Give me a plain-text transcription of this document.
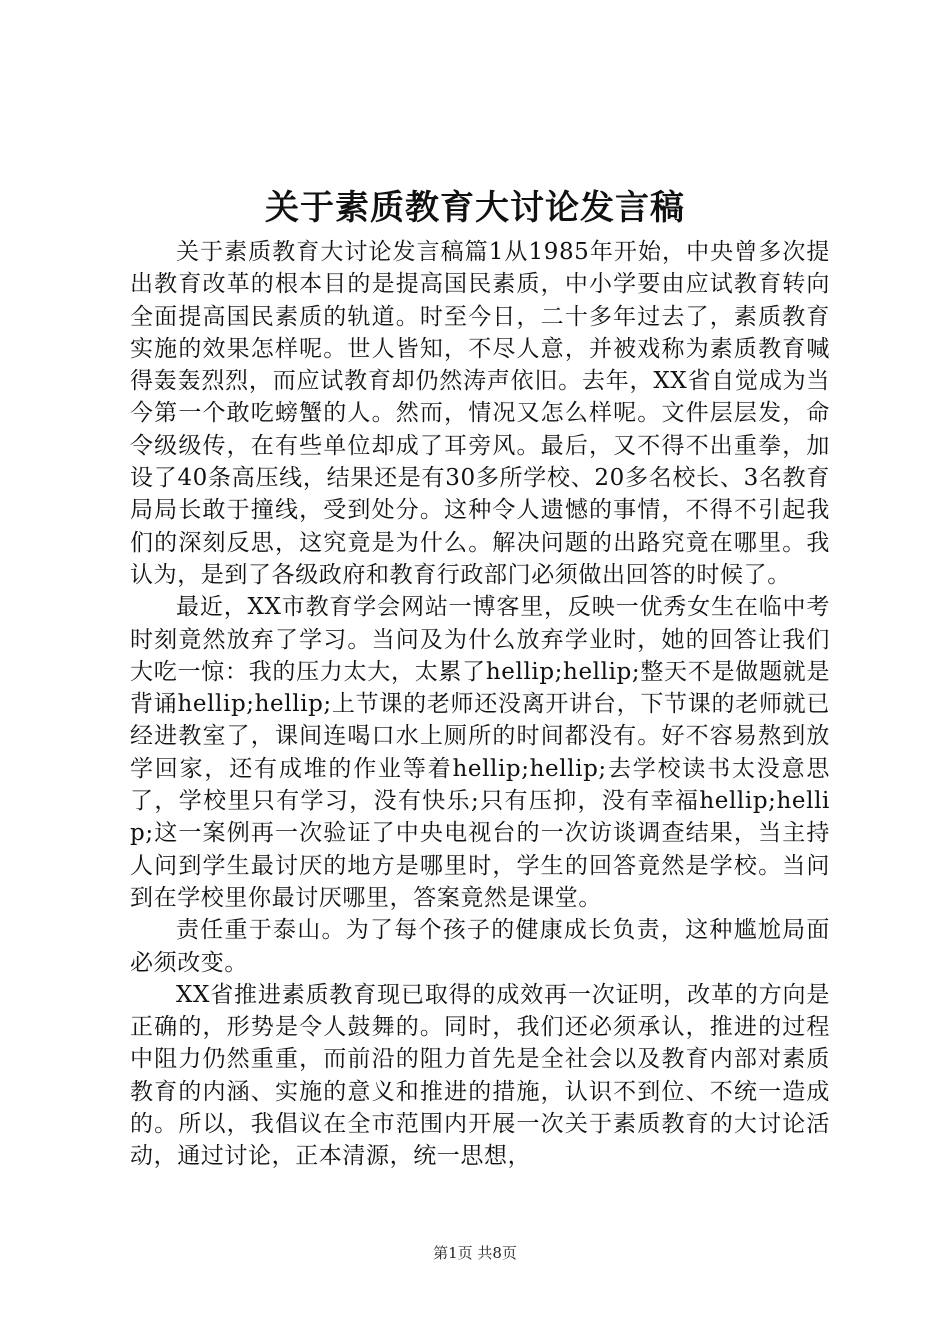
关于素质教育大讨论发言稿

关于素质教育大讨论发言稿篇1从1985年开始，中央曾多次提出教育改革的根本目的是提高国民素质，中小学要由应试教育转向全面提高国民素质的轨道。时至今日，二十多年过去了，素质教育实施的效果怎样呢。世人皆知，不尽人意，并被戏称为素质教育喊得轰轰烈烈，而应试教育却仍然涛声依旧。去年，XX省自觉成为当今第一个敢吃螃蟹的人。然而，情况又怎么样呢。文件层层发，命令级级传，在有些单位却成了耳旁风。最后，又不得不出重拳，加设了40条高压线，结果还是有30多所学校、20多名校长、3名教育局局长敢于撞线，受到处分。这种令人遗憾的事情，不得不引起我们的深刻反思，这究竟是为什么。解决问题的出路究竟在哪里。我认为，是到了各级政府和教育行政部门必须做出回答的时候了。

最近，XX市教育学会网站一博客里，反映一优秀女生在临中考时刻竟然放弃了学习。当问及为什么放弃学业时，她的回答让我们大吃一惊：我的压力太大，太累了hellip;hellip;整天不是做题就是背诵hellip;hellip;上节课的老师还没离开讲台，下节课的老师就已经进教室了，课间连喝口水上厕所的时间都没有。好不容易熬到放学回家，还有成堆的作业等着hellip;hellip;去学校读书太没意思了，学校里只有学习，没有快乐;只有压抑，没有幸福hellip;hellip;这一案例再一次验证了中央电视台的一次访谈调查结果，当主持人问到学生最讨厌的地方是哪里时，学生的回答竟然是学校。当问到在学校里你最讨厌哪里，答案竟然是课堂。

责任重于泰山。为了每个孩子的健康成长负责，这种尴尬局面必须改变。

XX省推进素质教育现已取得的成效再一次证明，改革的方向是正确的，形势是令人鼓舞的。同时，我们还必须承认，推进的过程中阻力仍然重重，而前沿的阻力首先是全社会以及教育内部对素质教育的内涵、实施的意义和推进的措施，认识不到位、不统一造成的。所以，我倡议在全市范围内开展一次关于素质教育的大讨论活动，通过讨论，正本清源，统一思想，

第1页 共8页
